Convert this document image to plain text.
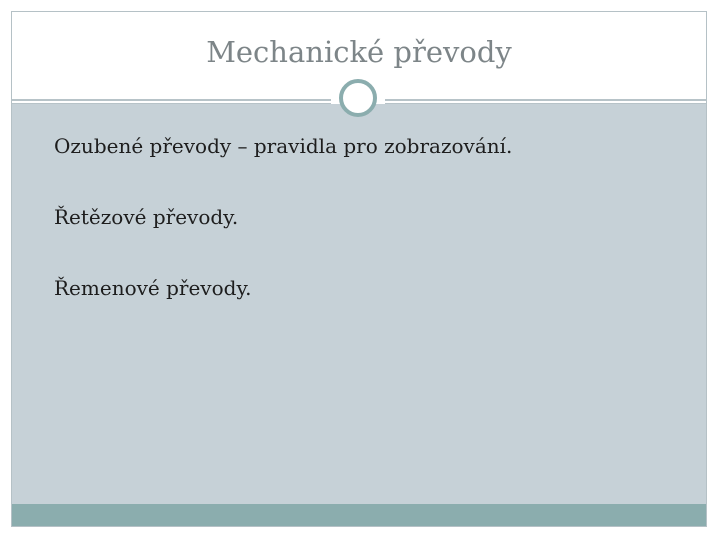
Mechanické převody
Ozubené převody – pravidla pro zobrazování.
Řetězové převody.
Řemenové převody.
